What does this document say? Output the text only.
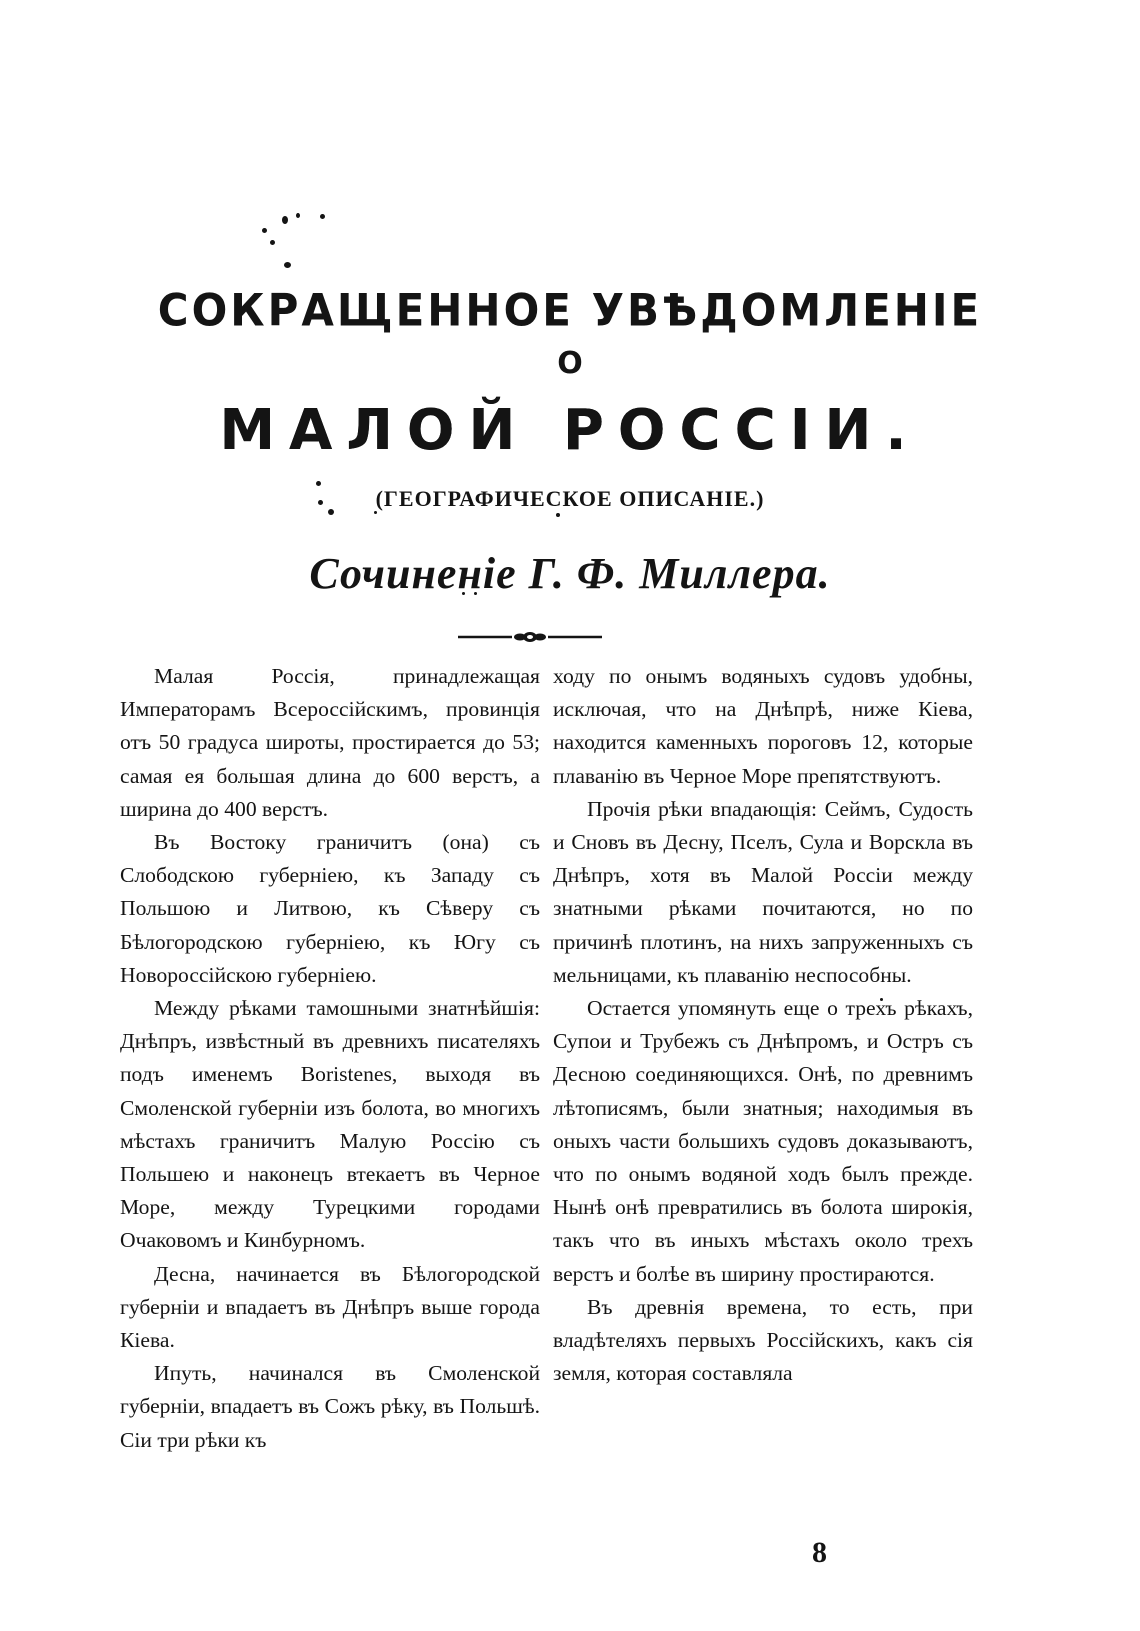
СОКРАЩЕННОЕ УВѢДОМЛЕНІЕ
О
МАЛОЙ РОССІИ.
(ГЕОГРАФИЧЕСКОЕ ОПИСАНІЕ.)
Сочиненіе Г. Ф. Миллера.

Малая Россія, принадлежащая Императорамъ Всероссійскимъ, провинція отъ 50 градуса широты, простирается до 53; самая ея большая длина до 600 верстъ, а ширина до 400 верстъ.

Въ Востоку граничитъ (она) съ Слободскою губерніею, къ Западу съ Польшою и Литвою, къ Сѣверу съ Бѣлогородскою губерніею, къ Югу съ Новороссійскою губерніею.

Между рѣками тамошными знатнѣйшія: Днѣпръ, извѣстный въ древнихъ писателяхъ подъ именемъ Boristenes, выходя въ Смоленской губерніи изъ болота, во многихъ мѣстахъ граничитъ Малую Россію съ Польшею и наконецъ втекаетъ въ Черное Море, между Турецкими городами Очаковомъ и Кинбурномъ.

Десна, начинается въ Бѣлогородской губерніи и впадаетъ въ Днѣпръ выше города Кіева.

Ипуть, начинался въ Смоленской губерніи, впадаетъ въ Сожъ рѣку, въ Польшѣ. Сіи три рѣки къ

ходу по онымъ водяныхъ судовъ удобны, исключая, что на Днѣпрѣ, ниже Кіева, находится каменныхъ пороговъ 12, которые плаванію въ Черное Море препятствуютъ.

Прочія рѣки впадающія: Сеймъ, Судость и Сновъ въ Десну, Пселъ, Сула и Ворскла въ Днѣпръ, хотя въ Малой Россіи между знатными рѣками почитаются, но по причинѣ плотинъ, на нихъ запруженныхъ съ мельницами, къ плаванію неспособны.

Остается упомянуть еще о трехъ рѣкахъ, Супои и Трубежъ съ Днѣпромъ, и Остръ съ Десною соединяющихся. Онѣ, по древнимъ лѣтописямъ, были знатныя; находимыя въ оныхъ части большихъ судовъ доказываютъ, что по онымъ водяной ходъ былъ прежде. Нынѣ онѣ превратились въ болота широкія, такъ что въ иныхъ мѣстахъ около трехъ верстъ и болѣе въ ширину простираются.

Въ древнія времена, то есть, при владѣтеляхъ первыхъ Россійскихъ, какъ сія земля, которая составляла

8
